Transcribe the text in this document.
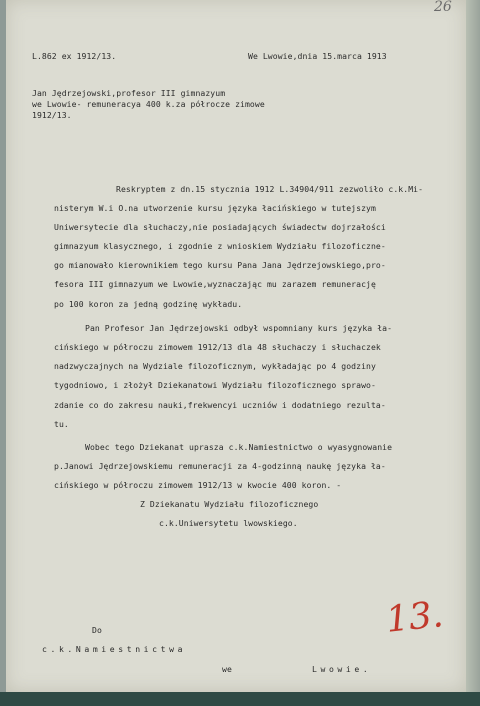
26
L.862 ex 1912/13.	We Lwowie,dnia 15.marca 1913
Jan Jędrzejowski,profesor III gimnazyum
we Lwowie- remuneracya 400 k.za półrocze zimowe
1912/13.
Reskryptem z dn.15 stycznia 1912 L.34904/911 zezwoliło c.k.Mi-
nisterym W.i O.na utworzenie kursu języka łacińskiego w tutejszym
Uniwersytecie dla słuchaczy,nie posiadających świadectw dojrzałości
gimnazyum klasycznego, i zgodnie z wnioskiem Wydziału filozoficzne-
go mianowało kierownikiem tego kursu Pana Jana Jędrzejowskiego,pro-
fesora III gimnazyum we Lwowie,wyznaczając mu zarazem remunerację
po 100 koron za jedną godzinę wykładu.
Pan Profesor Jan Jędrzejowski odbył wspomniany kurs języka ła-
cińskiego w półroczu zimowem 1912/13 dla 48 słuchaczy i słuchaczek
nadzwyczajnych na Wydziale filozoficznym, wykładając po 4 godziny
tygodniowo, i złożył Dziekanatowi Wydziału filozoficznego sprawo-
zdanie co do zakresu nauki,frekwencyi uczniów i dodatniego rezulta-
tu.
Wobec tego Dziekanat uprasza c.k.Namiestnictwo o wyasygnowanie
p.Janowi Jędrzejowskiemu remuneracji za 4-godzinną naukę języka ła-
cińskiego w półroczu zimowem 1912/13 w kwocie 400 koron. -
Z Dziekanatu Wydziału filozoficznego
c.k.Uniwersytetu lwowskiego.
13.
Do
c.k.Namiestnictwa
we	Lwowie.
